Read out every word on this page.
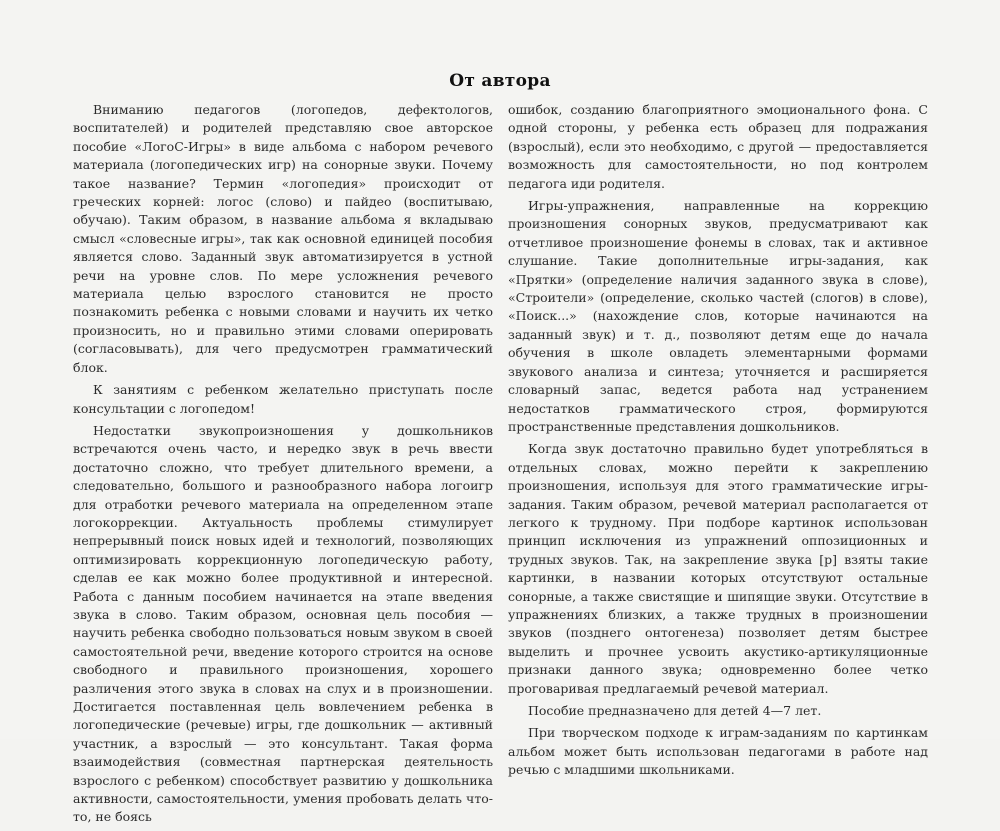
От автора

Вниманию педагогов (логопедов, дефектологов, воспитателей) и родителей представляю свое авторское пособие «ЛогоС-Игры» в виде альбома с набором речевого материала (логопедических игр) на сонорные звуки. Почему такое название? Термин «логопедия» происходит от греческих корней: логос (слово) и пайдео (воспитываю, обучаю). Таким образом, в название альбома я вкладываю смысл «словесные игры», так как основной единицей пособия является слово. Заданный звук автоматизируется в устной речи на уровне слов. По мере усложнения речевого материала целью взрослого становится не просто познакомить ребенка с новыми словами и научить их четко произносить, но и правильно этими словами оперировать (согласовывать), для чего предусмотрен грамматический блок.

К занятиям с ребенком желательно приступать после консультации с логопедом!

Недостатки звукопроизношения у дошкольников встречаются очень часто, и нередко звук в речь ввести достаточно сложно, что требует длительного времени, а следовательно, большого и разнообразного набора логоигр для отработки речевого материала на определенном этапе логокоррекции. Актуальность проблемы стимулирует непрерывный поиск новых идей и технологий, позволяющих оптимизировать коррекционную логопедическую работу, сделав ее как можно более продуктивной и интересной. Работа с данным пособием начинается на этапе введения звука в слово. Таким образом, основная цель пособия — научить ребенка свободно пользоваться новым звуком в своей самостоятельной речи, введение которого строится на основе свободного и правильного произношения, хорошего различения этого звука в словах на слух и в произношении. Достигается поставленная цель вовлечением ребенка в логопедические (речевые) игры, где дошкольник — активный участник, а взрослый — это консультант. Такая форма взаимодействия (совместная партнерская деятельность взрослого с ребенком) способствует развитию у дошкольника активности, самостоятельности, умения пробовать делать что-то, не боясь

ошибок, созданию благоприятного эмоционального фона. С одной стороны, у ребенка есть образец для подражания (взрослый), если это необходимо, с другой — предоставляется возможность для самостоятельности, но под контролем педагога иди родителя.

Игры-упражнения, направленные на коррекцию произношения сонорных звуков, предусматривают как отчетливое произношение фонемы в словах, так и активное слушание. Такие дополнительные игры-задания, как «Прятки» (определение наличия заданного звука в слове), «Строители» (определение, сколько частей (слогов) в слове), «Поиск...» (нахождение слов, которые начинаются на заданный звук) и т. д., позволяют детям еще до начала обучения в школе овладеть элементарными формами звукового анализа и синтеза; уточняется и расширяется словарный запас, ведется работа над устранением недостатков грамматического строя, формируются пространственные представления дошкольников.

Когда звук достаточно правильно будет употребляться в отдельных словах, можно перейти к закреплению произношения, используя для этого грамматические игры-задания. Таким образом, речевой материал располагается от легкого к трудному. При подборе картинок использован принцип исключения из упражнений оппозиционных и трудных звуков. Так, на закрепление звука [р] взяты такие картинки, в названии которых отсутствуют остальные сонорные, а также свистящие и шипящие звуки. Отсутствие в упражнениях близких, а также трудных в произношении звуков (позднего онтогенеза) позволяет детям быстрее выделить и прочнее усвоить акустико-артикуляционные признаки данного звука; одновременно более четко проговаривая предлагаемый речевой материал.

Пособие предназначено для детей 4—7 лет.

При творческом подходе к играм-заданиям по картинкам альбом может быть использован педагогами в работе над речью с младшими школьниками.
